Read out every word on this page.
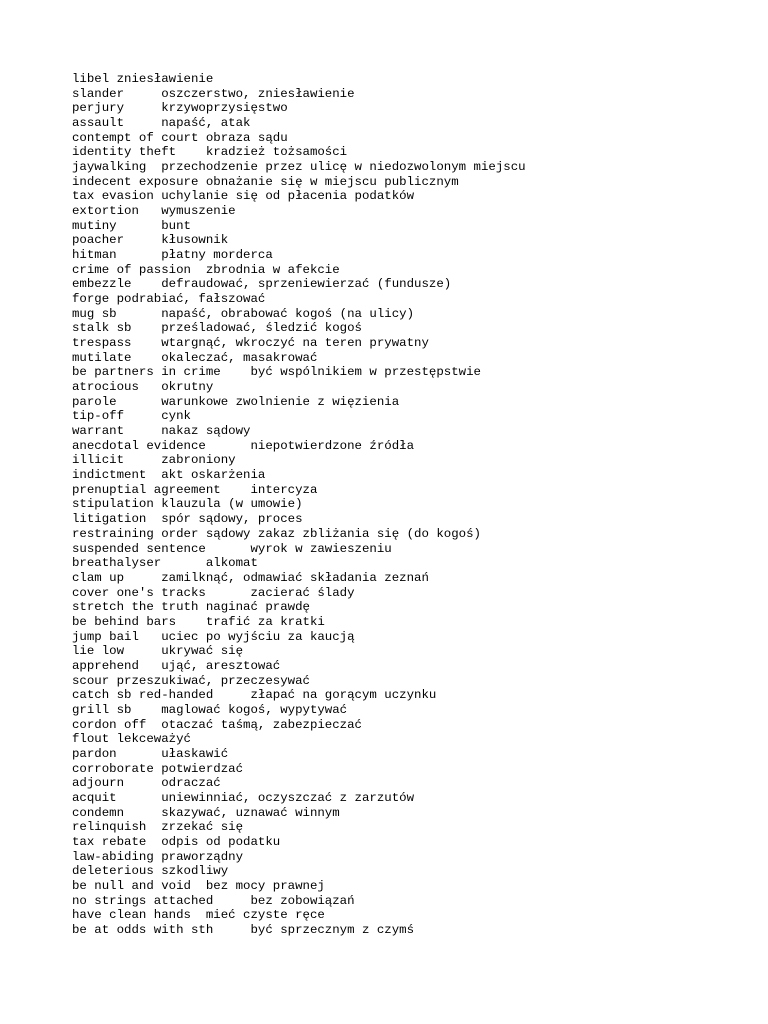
libel zniesławienie
slander     oszczerstwo, zniesławienie
perjury     krzywoprzysięstwo
assault     napaść, atak
contempt of court obraza sądu
identity theft    kradzież tożsamości
jaywalking  przechodzenie przez ulicę w niedozwolonym miejscu
indecent exposure obnażanie się w miejscu publicznym
tax evasion uchylanie się od płacenia podatków
extortion   wymuszenie
mutiny      bunt
poacher     kłusownik
hitman      płatny morderca
crime of passion  zbrodnia w afekcie
embezzle    defraudować, sprzeniewierzać (fundusze)
forge podrabiać, fałszować
mug sb      napaść, obrabować kogoś (na ulicy)
stalk sb    prześladować, śledzić kogoś
trespass    wtargnąć, wkroczyć na teren prywatny
mutilate    okaleczać, masakrować
be partners in crime    być wspólnikiem w przestępstwie
atrocious   okrutny
parole      warunkowe zwolnienie z więzienia
tip-off     cynk
warrant     nakaz sądowy
anecdotal evidence      niepotwierdzone źródła
illicit     zabroniony
indictment  akt oskarżenia
prenuptial agreement    intercyza
stipulation klauzula (w umowie)
litigation  spór sądowy, proces
restraining order sądowy zakaz zbliżania się (do kogoś)
suspended sentence      wyrok w zawieszeniu
breathalyser      alkomat
clam up     zamilknąć, odmawiać składania zeznań
cover one's tracks      zacierać ślady
stretch the truth naginać prawdę
be behind bars    trafić za kratki
jump bail   uciec po wyjściu za kaucją
lie low     ukrywać się
apprehend   ująć, aresztować
scour przeszukiwać, przeczesywać
catch sb red-handed     złapać na gorącym uczynku
grill sb    maglować kogoś, wypytywać
cordon off  otaczać taśmą, zabezpieczać
flout lekceważyć
pardon      ułaskawić
corroborate potwierdzać
adjourn     odraczać
acquit      uniewinniać, oczyszczać z zarzutów
condemn     skazywać, uznawać winnym
relinquish  zrzekać się
tax rebate  odpis od podatku
law-abiding praworządny
deleterious szkodliwy
be null and void  bez mocy prawnej
no strings attached     bez zobowiązań
have clean hands  mieć czyste ręce
be at odds with sth     być sprzecznym z czymś
